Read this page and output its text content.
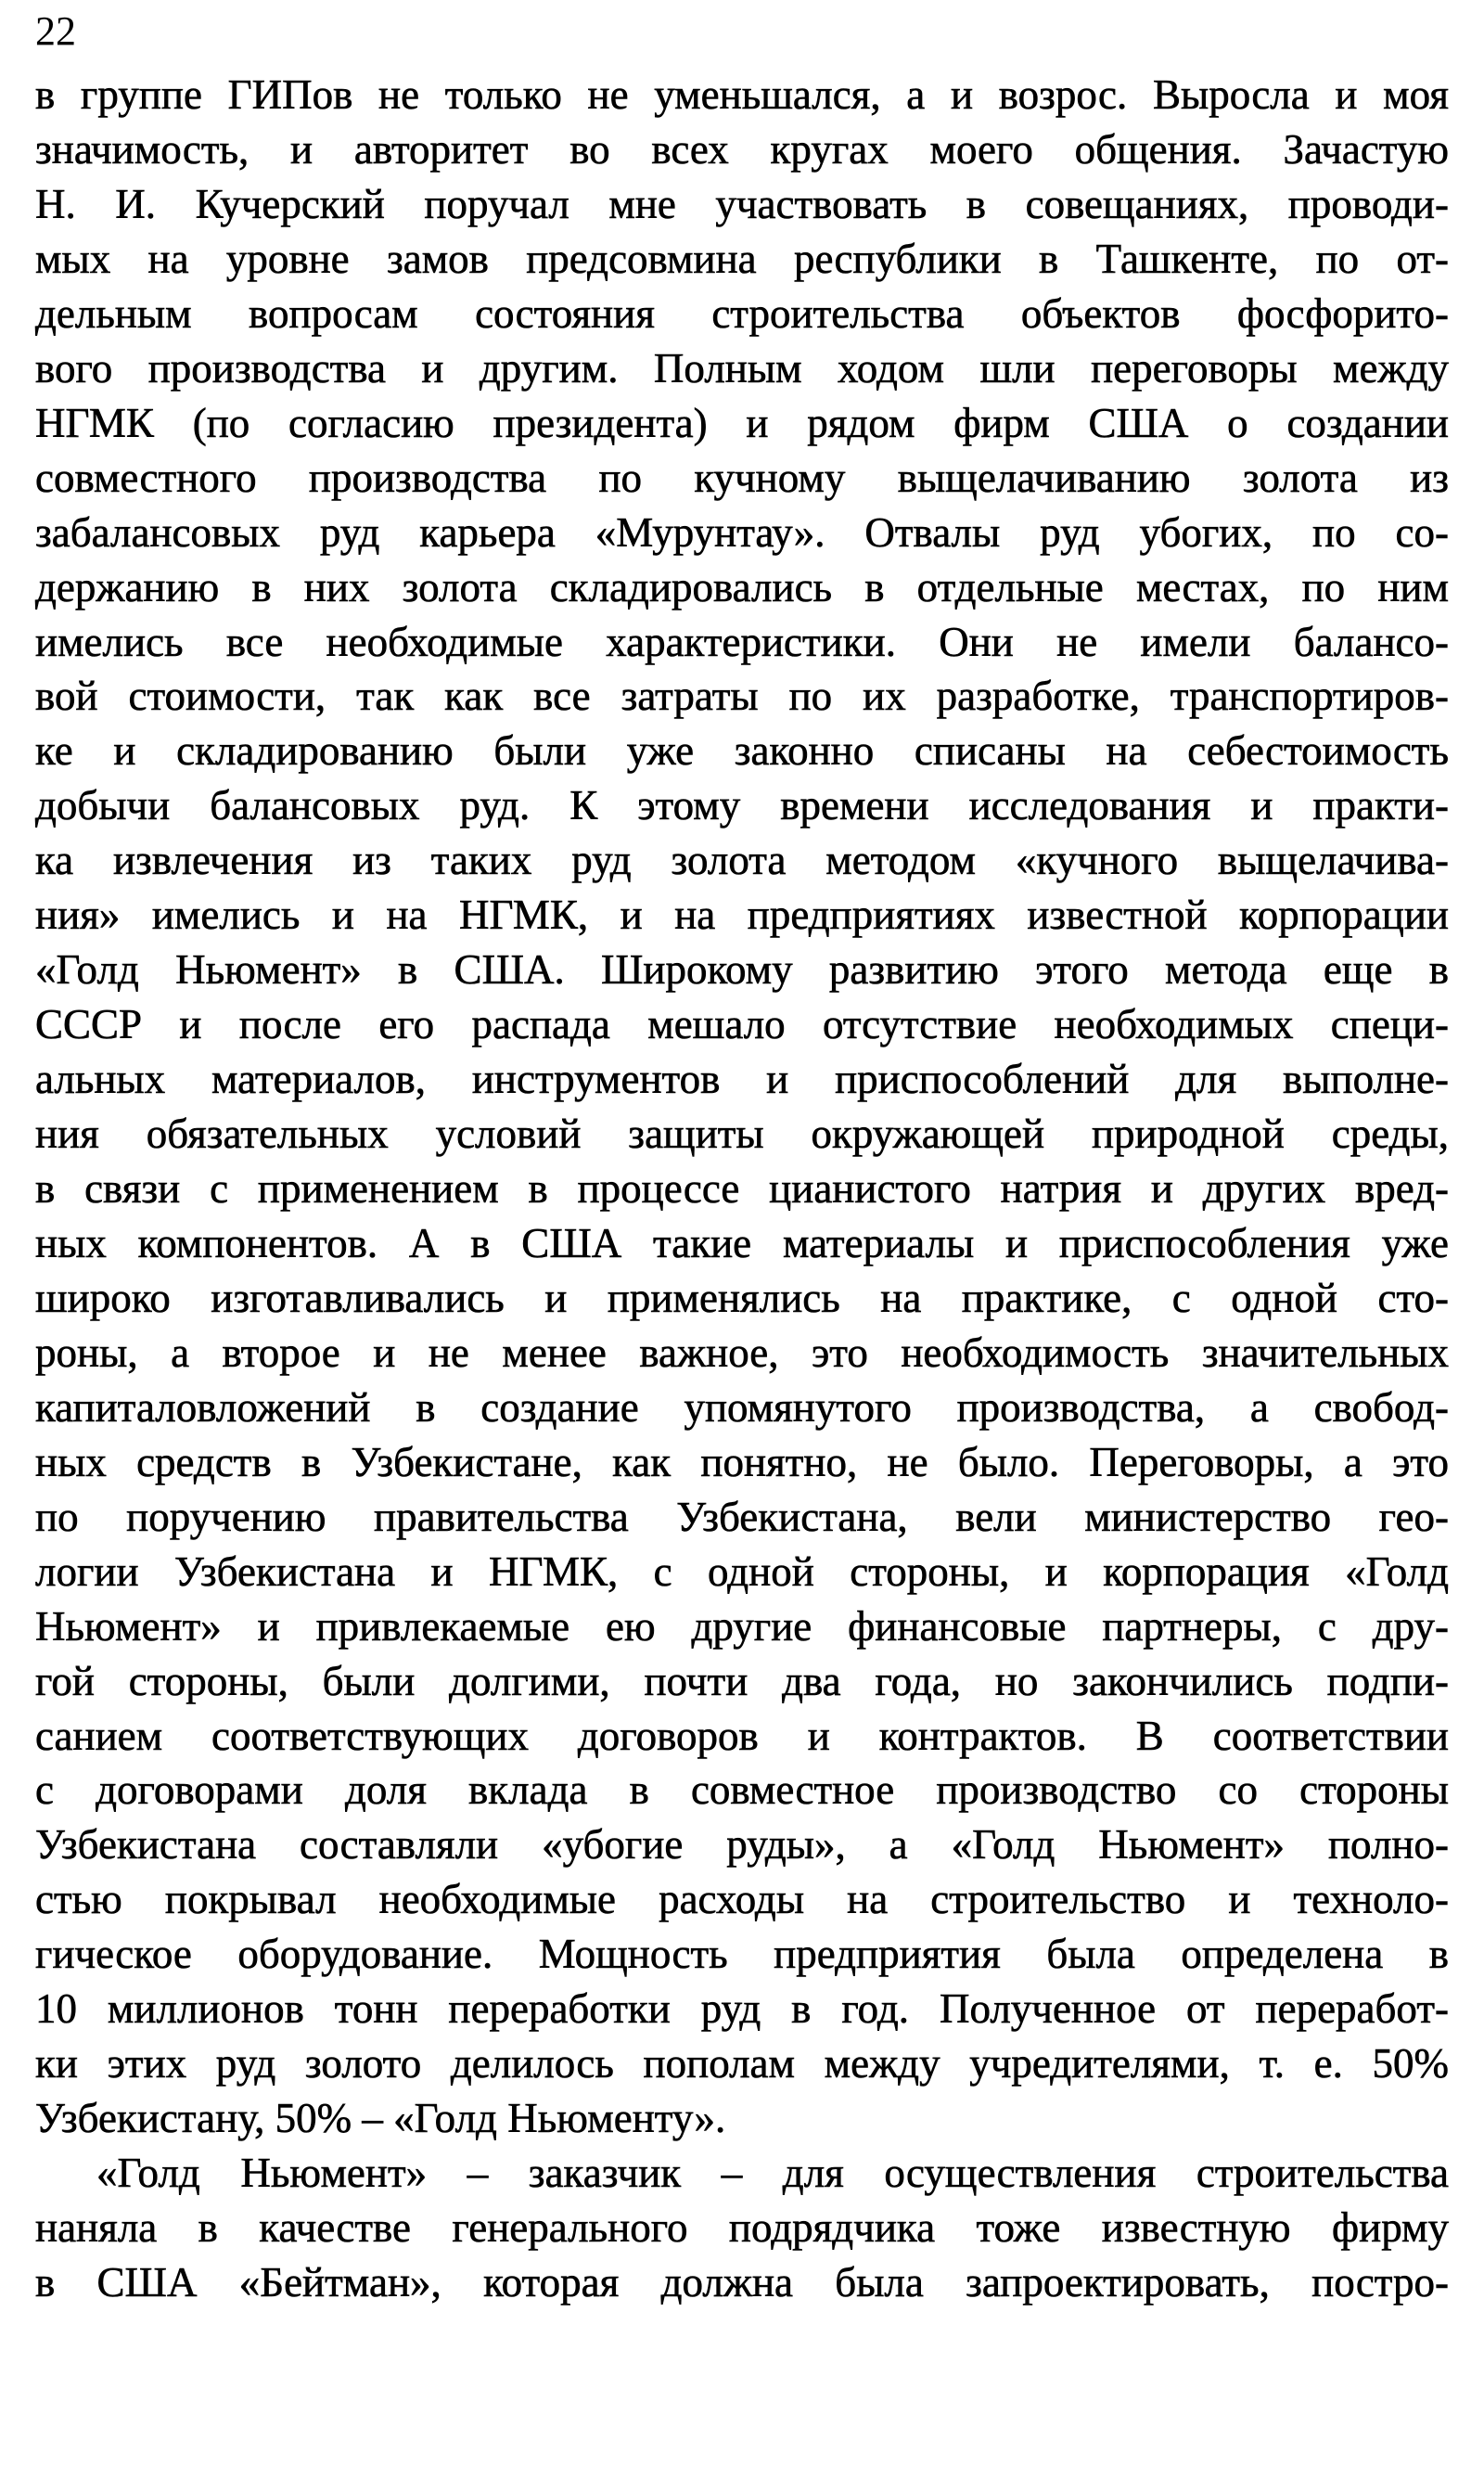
22
в группе ГИПов не только не уменьшался, а и возрос. Выросла и моя
значимость, и авторитет во всех кругах моего общения. Зачастую
Н. И. Кучерский поручал мне участвовать в совещаниях, проводи-
мых на уровне замов предсовмина республики в Ташкенте, по от-
дельным вопросам состояния строительства объектов фосфорито-
вого производства и другим. Полным ходом шли переговоры между
НГМК (по согласию президента) и рядом фирм США о создании
совместного производства по кучному выщелачиванию золота из
забалансовых руд карьера «Мурунтау». Отвалы руд убогих, по со-
держанию в них золота складировались в отдельные местах, по ним
имелись все необходимые характеристики. Они не имели балансо-
вой стоимости, так как все затраты по их разработке, транспортиров-
ке и складированию были уже законно списаны на себестоимость
добычи балансовых руд. К этому времени исследования и практи-
ка извлечения из таких руд золота методом «кучного выщелачива-
ния» имелись и на НГМК, и на предприятиях известной корпорации
«Голд Ньюмент» в США. Широкому развитию этого метода еще в
СССР и после его распада мешало отсутствие необходимых специ-
альных материалов, инструментов и приспособлений для выполне-
ния обязательных условий защиты окружающей природной среды,
в связи с применением в процессе цианистого натрия и других вред-
ных компонентов. А в США такие материалы и приспособления уже
широко изготавливались и применялись на практике, с одной сто-
роны, а второе и не менее важное, это необходимость значительных
капиталовложений в создание упомянутого производства, а свобод-
ных средств в Узбекистане, как понятно, не было. Переговоры, а это
по поручению правительства Узбекистана, вели министерство гео-
логии Узбекистана и НГМК, с одной стороны, и корпорация «Голд
Ньюмент» и привлекаемые ею другие финансовые партнеры, с дру-
гой стороны, были долгими, почти два года, но закончились подпи-
санием соответствующих договоров и контрактов. В соответствии
с договорами доля вклада в совместное производство со стороны
Узбекистана составляли «убогие руды», а «Голд Ньюмент» полно-
стью покрывал необходимые расходы на строительство и техноло-
гическое оборудование. Мощность предприятия была определена в
10 миллионов тонн переработки руд в год. Полученное от переработ-
ки этих руд золото делилось пополам между учредителями, т. е. 50%
Узбекистану, 50% – «Голд Ньюменту».
«Голд Ньюмент» – заказчик – для осуществления строительства
наняла в качестве генерального подрядчика тоже известную фирму
в США «Бейтман», которая должна была запроектировать, постро-
